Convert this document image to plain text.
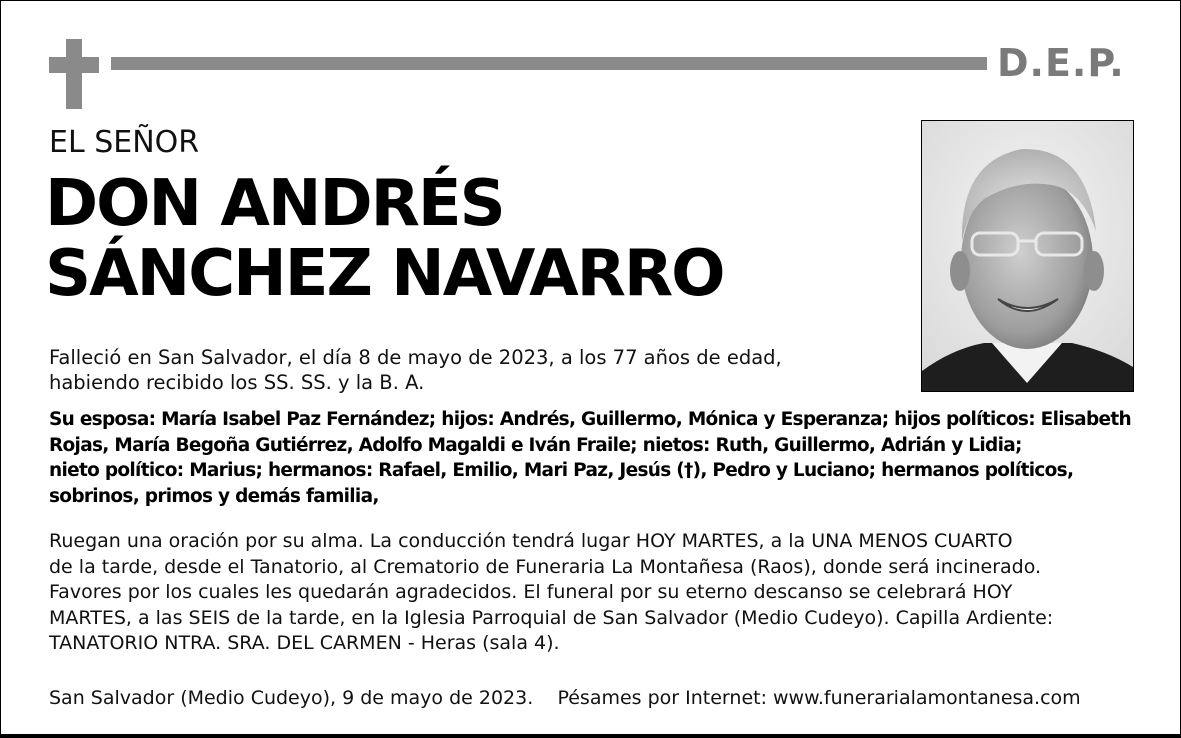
D.E.P.
EL SEÑOR
DON ANDRÉS
SÁNCHEZ NAVARRO
Falleció en San Salvador, el día 8 de mayo de 2023, a los 77 años de edad,
habiendo recibido los SS. SS. y la B. A.
Su esposa: María Isabel Paz Fernández; hijos: Andrés, Guillermo, Mónica y Esperanza; hijos políticos: Elisabeth
Rojas, María Begoña Gutiérrez, Adolfo Magaldi e Iván Fraile; nietos: Ruth, Guillermo, Adrián y Lidia;
nieto político: Marius; hermanos: Rafael, Emilio, Mari Paz, Jesús (†), Pedro y Luciano; hermanos políticos,
sobrinos, primos y demás familia,
Ruegan una oración por su alma. La conducción tendrá lugar HOY MARTES, a la UNA MENOS CUARTO
de la tarde, desde el Tanatorio, al Crematorio de Funeraria La Montañesa (Raos), donde será incinerado.
Favores por los cuales les quedarán agradecidos. El funeral por su eterno descanso se celebrará HOY
MARTES, a las SEIS de la tarde, en la Iglesia Parroquial de San Salvador (Medio Cudeyo). Capilla Ardiente:
TANATORIO NTRA. SRA. DEL CARMEN - Heras (sala 4).
San Salvador (Medio Cudeyo), 9 de mayo de 2023. Pésames por Internet: www.funerarialamontanesa.com
